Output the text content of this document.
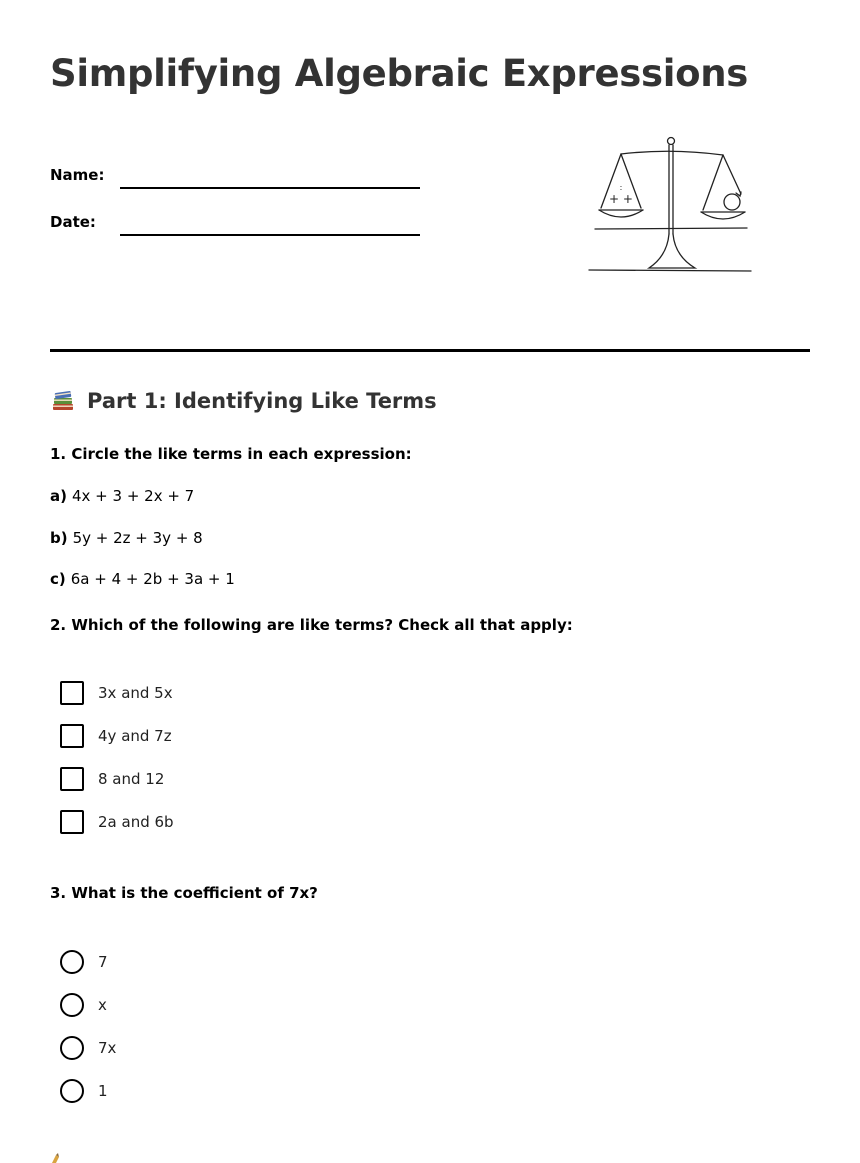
Simplifying Algebraic Expressions
Name:
Date:
:
+ +
Part 1: Identifying Like Terms
1. Circle the like terms in each expression:
a) 4x + 3 + 2x + 7
b) 5y + 2z + 3y + 8
c) 6a + 4 + 2b + 3a + 1
2. Which of the following are like terms? Check all that apply:
3x and 5x
4y and 7z
8 and 12
2a and 6b
3. What is the coefficient of 7x?
7
x
7x
1
